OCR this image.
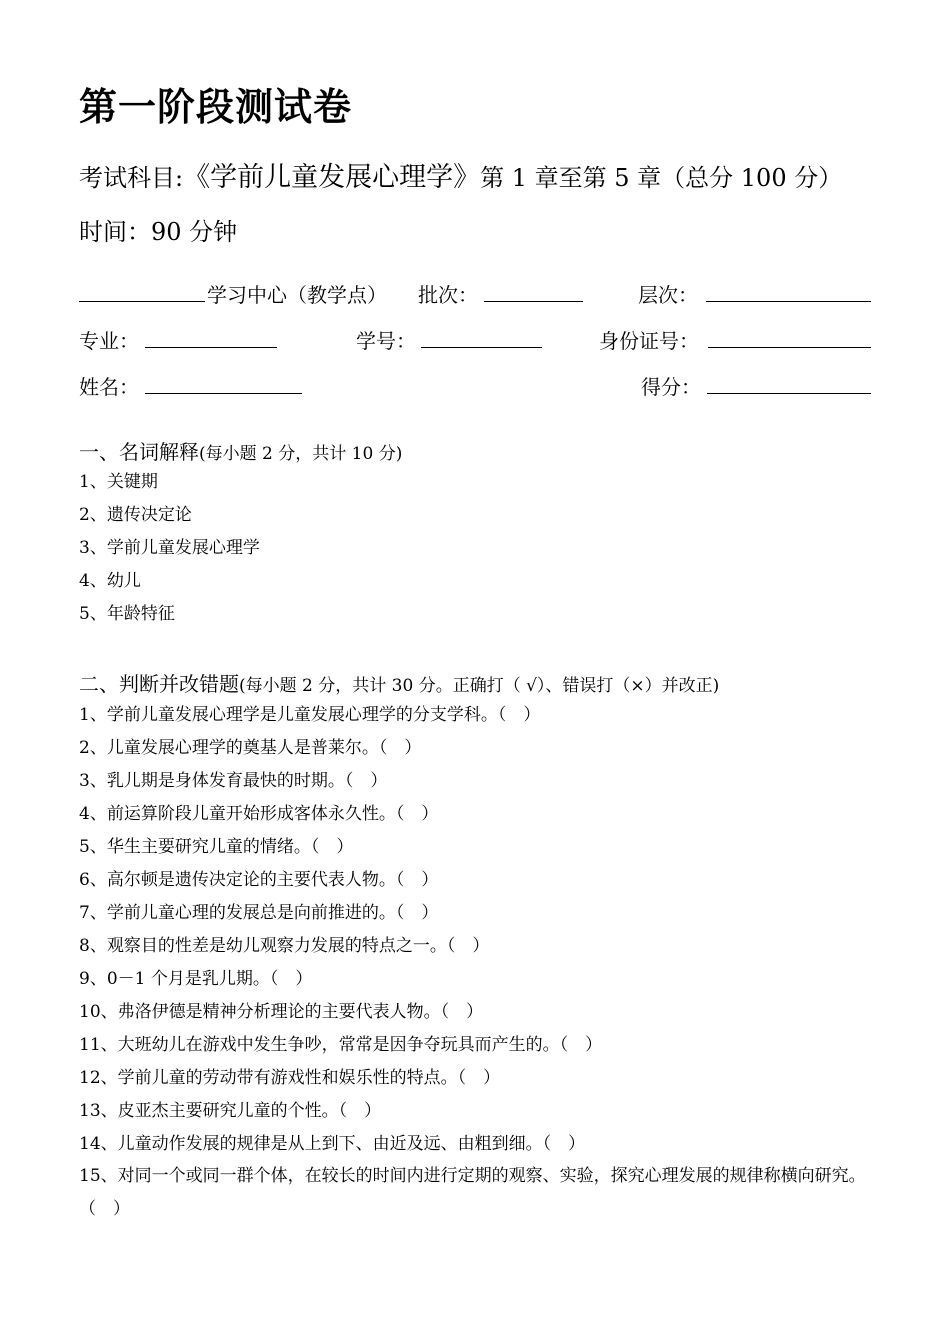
第一阶段测试卷
考试科目:《学前儿童发展心理学》第 1 章至第 5 章（总分 100 分）
时间：90 分钟
学习中心（教学点） 批次：	层次：
专业：	学号：	身份证号：
姓名：	得分：
一、名词解释(每小题 2 分，共计 10 分)
1、关键期
2、遗传决定论
3、学前儿童发展心理学
4、幼儿
5、年龄特征
二、判断并改错题(每小题 2 分，共计 30 分。正确打（ √）、错误打（×）并改正)
1、学前儿童发展心理学是儿童发展心理学的分支学科。（　）
2、儿童发展心理学的奠基人是普莱尔。（　）
3、乳儿期是身体发育最快的时期。（　）
4、前运算阶段儿童开始形成客体永久性。（　）
5、华生主要研究儿童的情绪。（　）
6、高尔顿是遗传决定论的主要代表人物。（　）
7、学前儿童心理的发展总是向前推进的。（　）
8、观察目的性差是幼儿观察力发展的特点之一。（　）
9、0－1 个月是乳儿期。（　）
10、弗洛伊德是精神分析理论的主要代表人物。（　）
11、大班幼儿在游戏中发生争吵，常常是因争夺玩具而产生的。（　）
12、学前儿童的劳动带有游戏性和娱乐性的特点。（　）
13、皮亚杰主要研究儿童的个性。（　）
14、儿童动作发展的规律是从上到下、由近及远、由粗到细。（　）
15、对同一个或同一群个体，在较长的时间内进行定期的观察、实验，探究心理发展的规律称横向研究。（　）
